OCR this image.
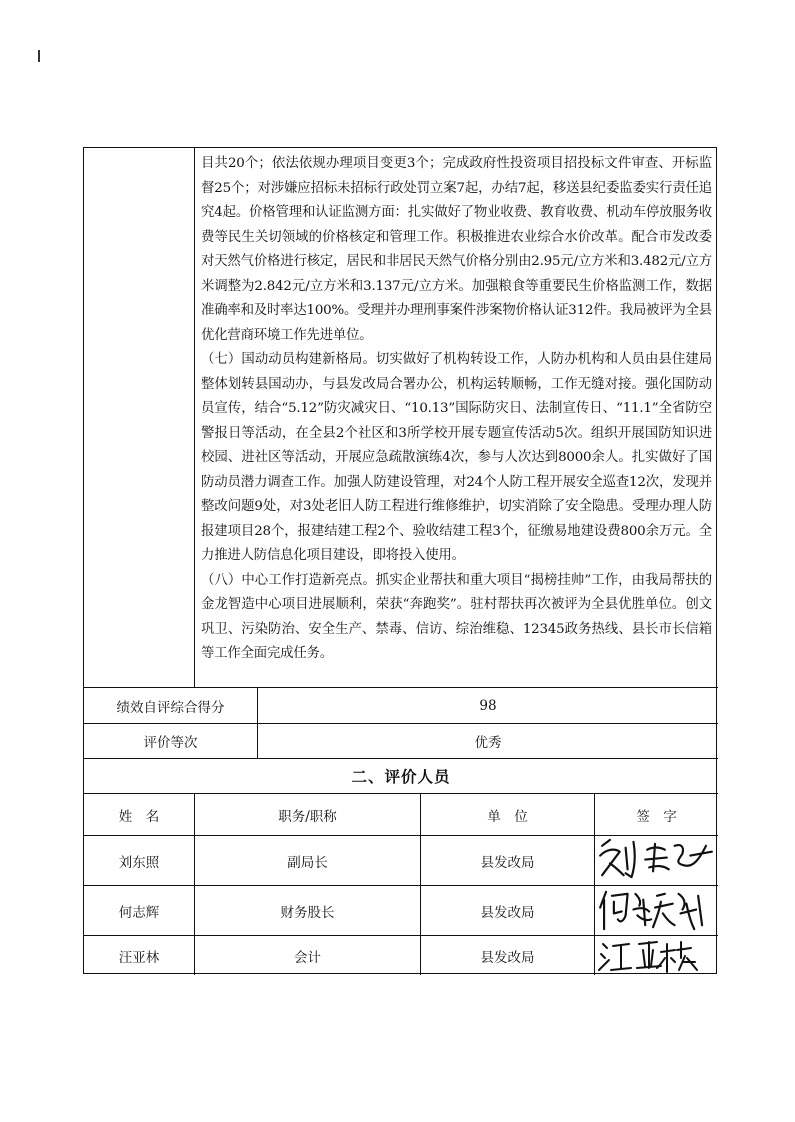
目共20个；依法依规办理项目变更3个；完成政府性投资项目招投标文件审查、开标监督25个；对涉嫌应招标未招标行政处罚立案7起，办结7起，移送县纪委监委实行责任追究4起。价格管理和认证监测方面：扎实做好了物业收费、教育收费、机动车停放服务收费等民生关切领域的价格核定和管理工作。积极推进农业综合水价改革。配合市发改委对天然气价格进行核定，居民和非居民天然气价格分别由2.95元/立方米和3.482元/立方米调整为2.842元/立方米和3.137元/立方米。加强粮食等重要民生价格监测工作，数据准确率和及时率达100%。受理并办理刑事案件涉案物价格认证312件。我局被评为全县优化营商环境工作先进单位。

（七）国动动员构建新格局。切实做好了机构转设工作，人防办机构和人员由县住建局整体划转县国动办，与县发改局合署办公，机构运转顺畅，工作无缝对接。强化国防动员宣传，结合“5.12”防灾减灾日、“10.13”国际防灾日、法制宣传日、“11.1”全省防空警报日等活动，在全县2个社区和3所学校开展专题宣传活动5次。组织开展国防知识进校园、进社区等活动，开展应急疏散演练4次，参与人次达到8000余人。扎实做好了国防动员潜力调查工作。加强人防建设管理，对24个人防工程开展安全巡查12次，发现并整改问题9处，对3处老旧人防工程进行维修维护，切实消除了安全隐患。受理办理人防报建项目28个，报建结建工程2个、验收结建工程3个，征缴易地建设费800余万元。全力推进人防信息化项目建设，即将投入使用。

（八）中心工作打造新亮点。抓实企业帮扶和重大项目“揭榜挂帅”工作，由我局帮扶的金龙智造中心项目进展顺利，荣获“奔跑奖”。驻村帮扶再次被评为全县优胜单位。创文巩卫、污染防治、安全生产、禁毒、信访、综治维稳、12345政务热线、县长市长信箱等工作全面完成任务。

绩效自评综合得分	98
评价等次	优秀
二、评价人员
姓　名	职务/职称	单　位	签　字
刘东照	副局长	县发改局
何志辉	财务股长	县发改局
汪亚林	会计	县发改局
